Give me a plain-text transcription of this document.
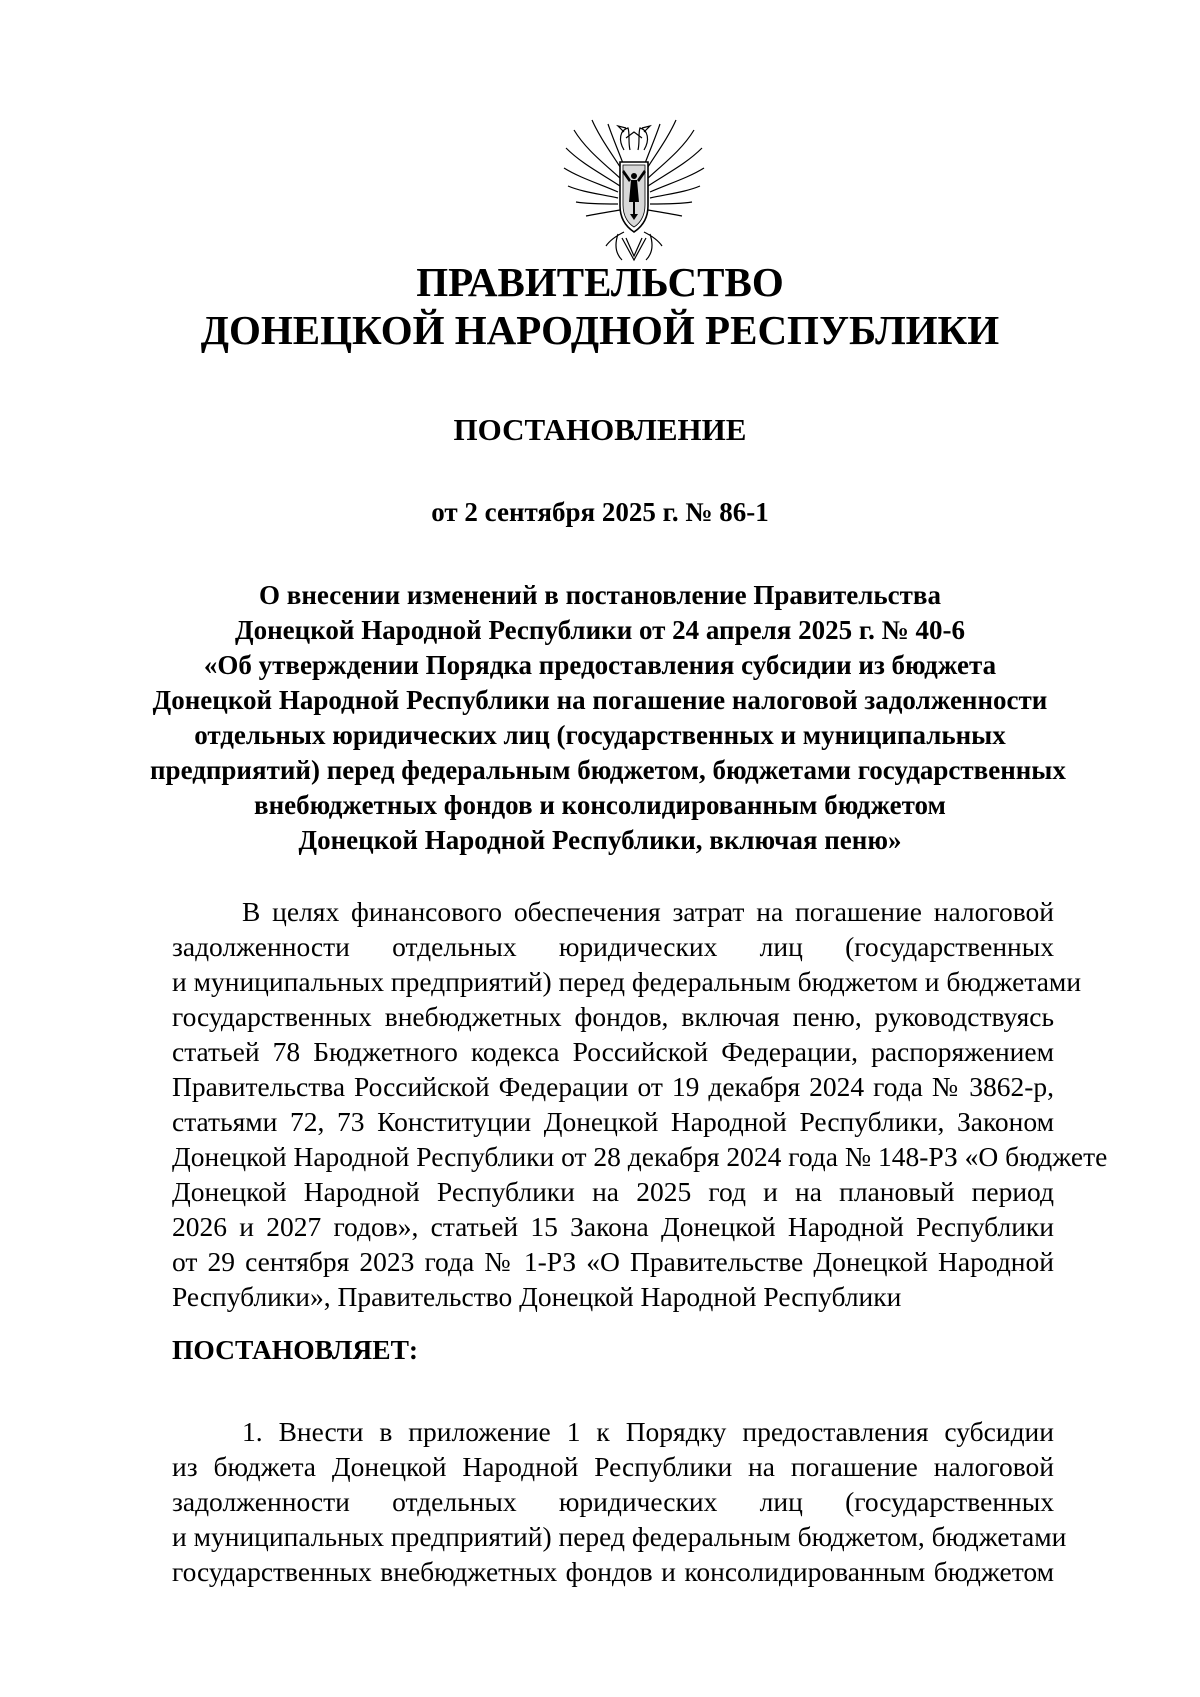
ПРАВИТЕЛЬСТВО
ДОНЕЦКОЙ НАРОДНОЙ РЕСПУБЛИКИ
ПОСТАНОВЛЕНИЕ
от 2 сентября 2025 г. № 86-1
О внесении изменений в постановление Правительства
Донецкой Народной Республики от 24 апреля 2025 г. № 40-6
«Об утверждении Порядка предоставления субсидии из бюджета
Донецкой Народной Республики на погашение налоговой задолженности
отдельных юридических лиц (государственных и муниципальных
предприятий) перед федеральным бюджетом, бюджетами государственных
внебюджетных фондов и консолидированным бюджетом
Донецкой Народной Республики, включая пеню»
В целях финансового обеспечения затрат на погашение налоговой
задолженности отдельных юридических лиц (государственных
и муниципальных предприятий) перед федеральным бюджетом и бюджетами
государственных внебюджетных фондов, включая пеню, руководствуясь
статьей 78 Бюджетного кодекса Российской Федерации, распоряжением
Правительства Российской Федерации от 19 декабря 2024 года № 3862-р,
статьями 72, 73 Конституции Донецкой Народной Республики, Законом
Донецкой Народной Республики от 28 декабря 2024 года № 148-РЗ «О бюджете
Донецкой Народной Республики на 2025 год и на плановый период
2026 и 2027 годов», статьей 15 Закона Донецкой Народной Республики
от 29 сентября 2023 года № 1-РЗ «О Правительстве Донецкой Народной
Республики», Правительство Донецкой Народной Республики
ПОСТАНОВЛЯЕТ:
1. Внести в приложение 1 к Порядку предоставления субсидии
из бюджета Донецкой Народной Республики на погашение налоговой
задолженности отдельных юридических лиц (государственных
и муниципальных предприятий) перед федеральным бюджетом, бюджетами
государственных внебюджетных фондов и консолидированным бюджетом
